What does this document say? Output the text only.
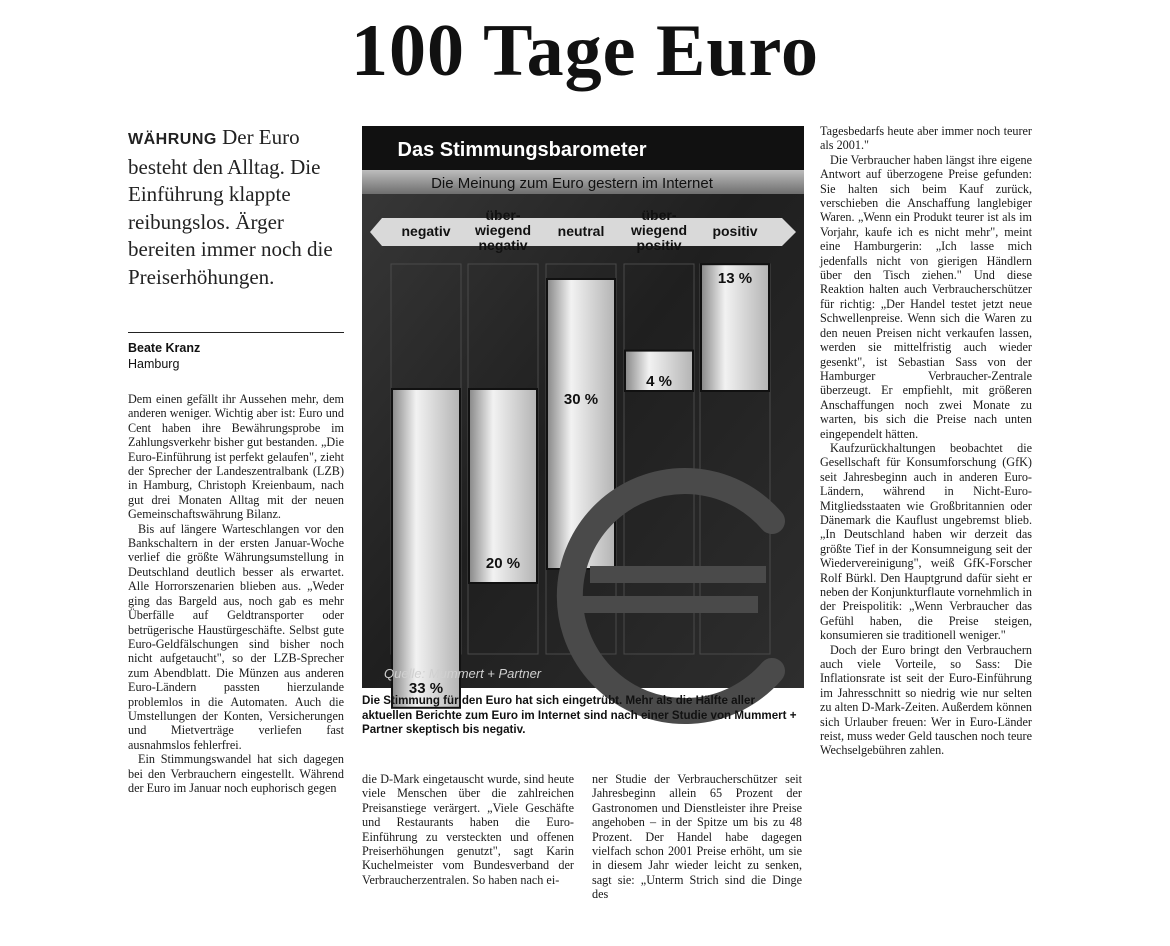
100 Tage Euro
WÄHRUNG Der Euro besteht den Alltag. Die Einführung klappte reibungslos. Ärger bereiten immer noch die Preiserhöhungen.
Beate Kranz
Hamburg

Dem einen gefällt ihr Aussehen mehr, dem anderen weniger. Wichtig aber ist: Euro und Cent haben ihre Bewährungsprobe im Zahlungsverkehr bisher gut bestanden. „Die Euro-Einführung ist perfekt gelaufen", zieht der Sprecher der Landeszentralbank (LZB) in Hamburg, Christoph Kreienbaum, nach gut drei Monaten Alltag mit der neuen Gemeinschaftswährung Bilanz.

Bis auf längere Warteschlangen vor den Bankschaltern in der ersten Januar-Woche verlief die größte Währungsumstellung in Deutschland deutlich besser als erwartet. Alle Horrorszenarien blieben aus. „Weder ging das Bargeld aus, noch gab es mehr Überfälle auf Geldtransporter oder betrügerische Haustürgeschäfte. Selbst gute Euro-Geldfälschungen sind bisher noch nicht aufgetaucht", so der LZB-Sprecher zum Abendblatt. Die Münzen aus anderen Euro-Ländern passten hierzulande problemlos in die Automaten. Auch die Umstellungen der Konten, Versicherungen und Mietverträge verliefen fast ausnahmslos fehlerfrei.

Ein Stimmungswandel hat sich dagegen bei den Verbrauchern eingestellt. Während der Euro im Januar noch euphorisch gegen

die D-Mark eingetauscht wurde, sind heute viele Menschen über die zahlreichen Preisanstiege verärgert. „Viele Geschäfte und Restaurants haben die Euro-Einführung zu versteckten und offenen Preiserhöhungen genutzt", sagt Karin Kuchelmeister vom Bundesverband der Verbraucherzentralen. So haben nach ei-

ner Studie der Verbraucherschützer seit Jahresbeginn allein 65 Prozent der Gastronomen und Dienstleister ihre Preise angehoben – in der Spitze um bis zu 48 Prozent. Der Handel habe dagegen vielfach schon 2001 Preise erhöht, um sie in diesem Jahr wieder leicht zu senken, sagt sie: „Unterm Strich sind die Dinge des

Tagesbedarfs heute aber immer noch teurer als 2001."

Die Verbraucher haben längst ihre eigene Antwort auf überzogene Preise gefunden: Sie halten sich beim Kauf zurück, verschieben die Anschaffung langlebiger Waren. „Wenn ein Produkt teurer ist als im Vorjahr, kaufe ich es nicht mehr", meint eine Hamburgerin: „Ich lasse mich jedenfalls nicht von gierigen Händlern über den Tisch ziehen." Und diese Reaktion halten auch Verbraucherschützer für richtig: „Der Handel testet jetzt neue Schwellenpreise. Wenn sich die Waren zu den neuen Preisen nicht verkaufen lassen, werden sie mittelfristig auch wieder gesenkt", ist Sebastian Sass von der Hamburger Verbraucher-Zentrale überzeugt. Er empfiehlt, mit größeren Anschaffungen noch zwei Monate zu warten, bis sich die Preise nach unten eingependelt hätten.

Kaufzurückhaltungen beobachtet die Gesellschaft für Konsumforschung (GfK) seit Jahresbeginn auch in anderen Euro-Ländern, während in Nicht-Euro-Mitgliedsstaaten wie Großbritannien oder Dänemark die Kauflust ungebremst blieb. „In Deutschland haben wir derzeit das größte Tief in der Konsumneigung seit der Wiedervereinigung", weiß GfK-Forscher Rolf Bürkl. Den Hauptgrund dafür sieht er neben der Konjunkturflaute vornehmlich in der Preispolitik: „Wenn Verbraucher das Gefühl haben, die Preise steigen, konsumieren sie traditionell weniger."

Doch der Euro bringt den Verbrauchern auch viele Vorteile, so Sass: Die Inflationsrate ist seit der Euro-Einführung im Jahresschnitt so niedrig wie nur selten zu alten D-Mark-Zeiten. Außerdem können sich Urlauber freuen: Wer in Euro-Länder reist, muss weder Geld tauschen noch teure Wechselgebühren zahlen.

Das Stimmungsbarometer
Die Meinung zum Euro gestern im Internet
negativ
über-
wiegend
negativ
neutral
über-
wiegend
positiv
positiv
33 %
20 %
30 %
4 %
13 %
Quelle: Mummert + Partner
Die Stimmung für den Euro hat sich eingetrübt. Mehr als die Hälfte aller aktuellen Berichte zum Euro im Internet sind nach einer Studie von Mummert + Partner skeptisch bis negativ.
